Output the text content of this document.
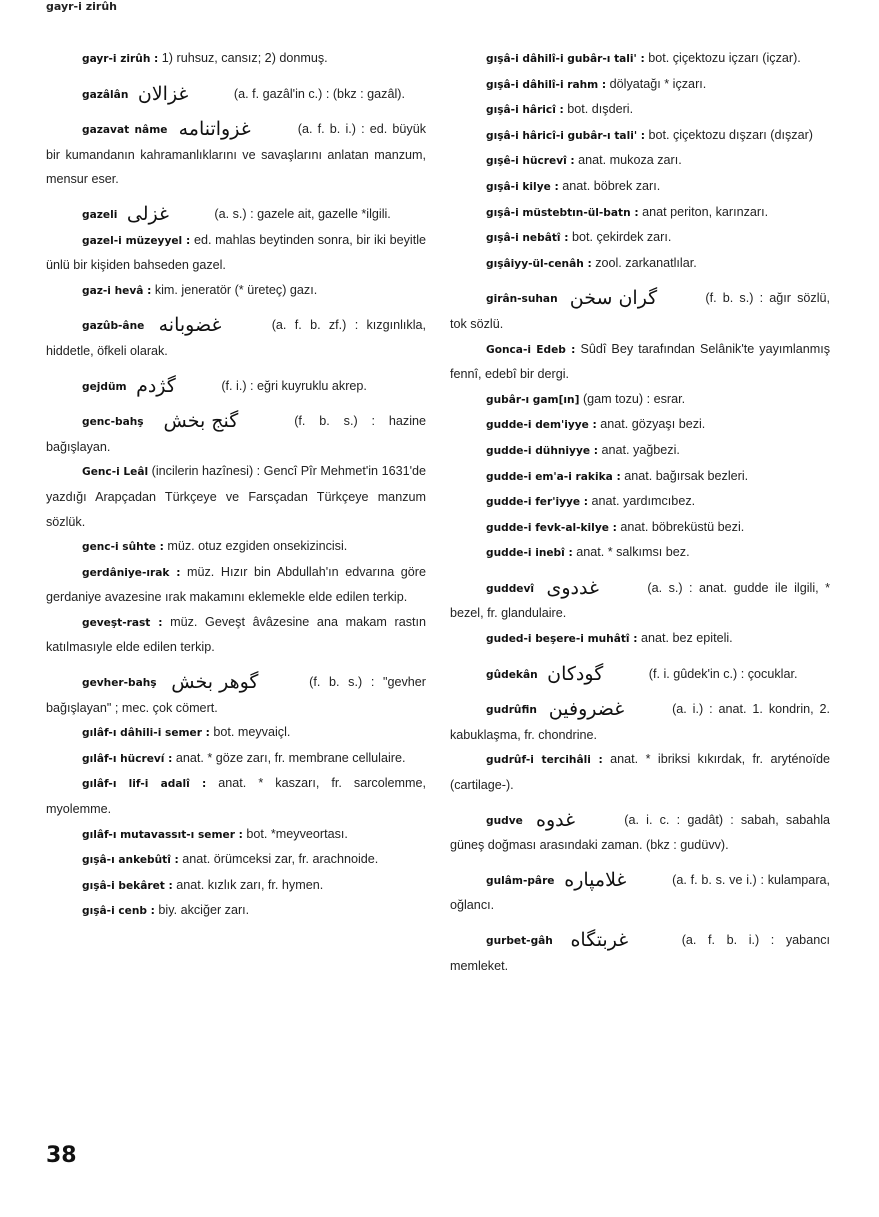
gayr-i zirûh

gayr-i zirûh : 1) ruhsuz, cansız; 2) donmuş.

gazâlân غزالان	(a. f. gazâl'in c.) : (bkz : gazâl).

gazavat nâme غزواتنامه	(a. f. b. i.) : ed. büyük bir kumandanın kahramanlıklarını ve savaşlarını anlatan manzum, mensur eser.

gazeli غزلى	(a. s.) : gazele ait, gazelle *ilgili.

gazel-i müzeyyel : ed. mahlas beytinden sonra, bir iki beyitle ünlü bir kişiden bahseden gazel.

gaz-i hevâ : kim. jeneratör (* üreteç) gazı.

gazûb-âne غضوبانه	(a. f. b. zf.) : kızgınlıkla, hiddetle, öfkeli olarak.

gejdüm گژدم	(f. i.) : eğri kuyruklu akrep.

genc-bahş گنج بخش	(f. b. s.) : hazine bağışlayan.

Genc-i Leâl (incilerin hazînesi) : Gencî Pîr Mehmet'in 1631'de yazdığı Arapçadan Türkçeye ve Farsçadan Türkçeye manzum sözlük.

genc-i sûhte : müz. otuz ezgiden onsekizincisi.

gerdâniye-ırak : müz. Hızır bin Abdullah'ın edvarına göre gerdaniye avazesine ırak makamını eklemekle elde edilen terkip.

geveşt-rast : müz. Geveşt âvâzesine ana makam rastın katılmasıyle elde edilen terkip.

gevher-bahş گوهر بخش	(f. b. s.) : "gevher bağışlayan" ; mec. çok cömert.

gılâf-ı dâhili-i semer : bot. meyvaiçl.

gılâf-ı hücreví : anat. * göze zarı, fr. membrane cellulaire.

gılâf-ı lif-i adalî : anat. * kaszarı, fr. sarcolemme, myolemme.

gılâf-ı mutavassıt-ı semer : bot. *meyveortası.

gışâ-ı ankebûtî : anat. örümceksi zar, fr. arachnoide.

gışâ-i bekâret : anat. kızlık zarı, fr. hymen.

gışâ-i cenb : biy. akciğer zarı.

gışâ-i dâhilî-i gubâr-ı tali' : bot. çiçektozu içzarı (içzar).

gışâ-i dâhilî-i rahm : dölyatağı * içzarı.

gışâ-i hâricî : bot. dışderi.

gışâ-i hâricî-i gubâr-ı tali' : bot. çiçektozu dışzarı (dışzar)

gışê-i hücrevî : anat. mukoza zarı.

gışâ-i kilye : anat. böbrek zarı.

gışâ-i müstebtın-ül-batn : anat periton, karınzarı.

gışâ-i nebâtî : bot. çekirdek zarı.

gışâiyy-ül-cenâh : zool. zarkanatlılar.

girân-suhan گران سخن	(f. b. s.) : ağır sözlü, tok sözlü.

Gonca-i Edeb : Sûdî Bey tarafından Selânik'te yayımlanmış fennî, edebî bir dergi.

gubâr-ı gam[ın] (gam tozu) : esrar.

gudde-i dem'iyye : anat. gözyaşı bezi.

gudde-i dühniyye : anat. yağbezi.

gudde-i em'a-i rakika : anat. bağırsak bezleri.

gudde-i fer'iyye : anat. yardımcıbez.

gudde-i fevk-al-kilye : anat. böbreküstü bezi.

gudde-i inebî : anat. * salkımsı bez.

guddevî غددوى	(a. s.) : anat. gudde ile ilgili, * bezel, fr. glandulaire.

guded-i beşere-i muhâtî : anat. bez epiteli.

gûdekân گودكان	(f. i. gûdek'in c.) : çocuklar.

gudrûfin غضروفين	(a. i.) : anat. 1. kondrin, 2. kabuklaşma, fr. chondrine.

gudrûf-i tercihâli : anat. * ibriksi kıkırdak, fr. aryténoïde (cartilage-).

gudve غدوه	(a. i. c. : gadât) : sabah, sabahla güneş doğması arasındaki zaman. (bkz : gudüvv).

gulâm-pâre غلامپاره	(a. f. b. s. ve i.) : kulampara, oğlancı.

gurbet-gâh غربتگاه	(a. f. b. i.) : yabancı memleket.

38
